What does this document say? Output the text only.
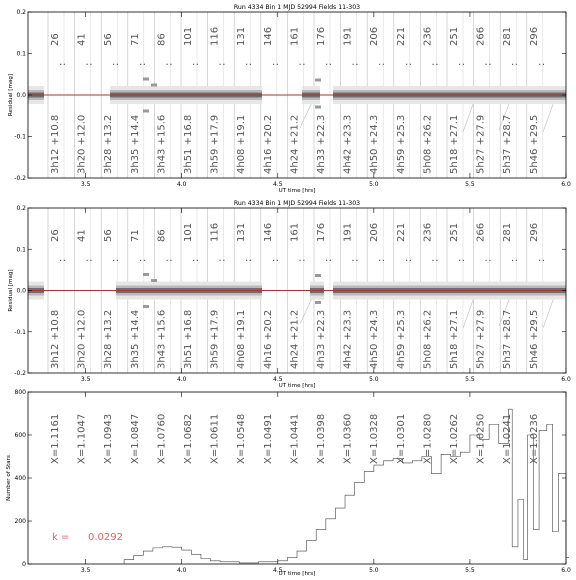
Run 4334 Bin 1 MJD 52994 Fields 11-303
26
:
41
:
56
:
71
:
86
:
101
:
116
:
131
:
146
:
161
:
176
:
191
:
206
:
221
:
236
:
251
:
266
:
281
:
296
:
3h12 +10.8 3h20 +12.0 3h28 +13.2 3h35 +14.4 3h43 +15.6 3h51 +16.8 3h59 +17.9 4h08 +19.1 4h16 +20.2 4h24 +21.2 4h33 +22.3 4h42 +23.3 4h50 +24.3 4h59 +25.3 5h08 +26.2 5h18 +27.1 5h27 +27.9 5h37 +28.7 5h46 +29.5
-0.2
-0.1
0.0
0.1
0.2
3.5	4.0	4.5	5.0	5.5	6.0
UT time [hrs]
Residual [mag]
Run 4334 Bin 1 MJD 52994 Fields 11-303
26
:
41
:
56
:
71
:
86
:
101
:
116
:
131
:
146
:
161
:
176
:
191
:
206
:
221
:
236
:
251
:
266
:
281
:
296
:
3h12 +10.8 3h20 +12.0 3h28 +13.2 3h35 +14.4 3h43 +15.6 3h51 +16.8 3h59 +17.9 4h08 +19.1 4h16 +20.2 4h24 +21.2 4h33 +22.3 4h42 +23.3 4h50 +24.3 4h59 +25.3 5h08 +26.2 5h18 +27.1 5h27 +27.9 5h37 +28.7 5h46 +29.5
-0.2
-0.1
0.0
0.1
0.2
3.5	4.0	4.5	5.0	5.5	6.0
UT time [hrs]
Residual [mag]
X=1.1161 X=1.1047 X=1.0943 X=1.0847 X=1.0760 X=1.0682 X=1.0611 X=1.0548 X=1.0491 X=1.0441 X=1.0398 X=1.0360 X=1.0328 X=1.0301 X=1.0280 X=1.0262 X=1.0250 X=1.0241 X=1.0236
k = 0.0292
0
200
400
600
800
3.5	4.0	4.5	5.0	5.5	6.0
UT time [hrs]
Number of Stars
